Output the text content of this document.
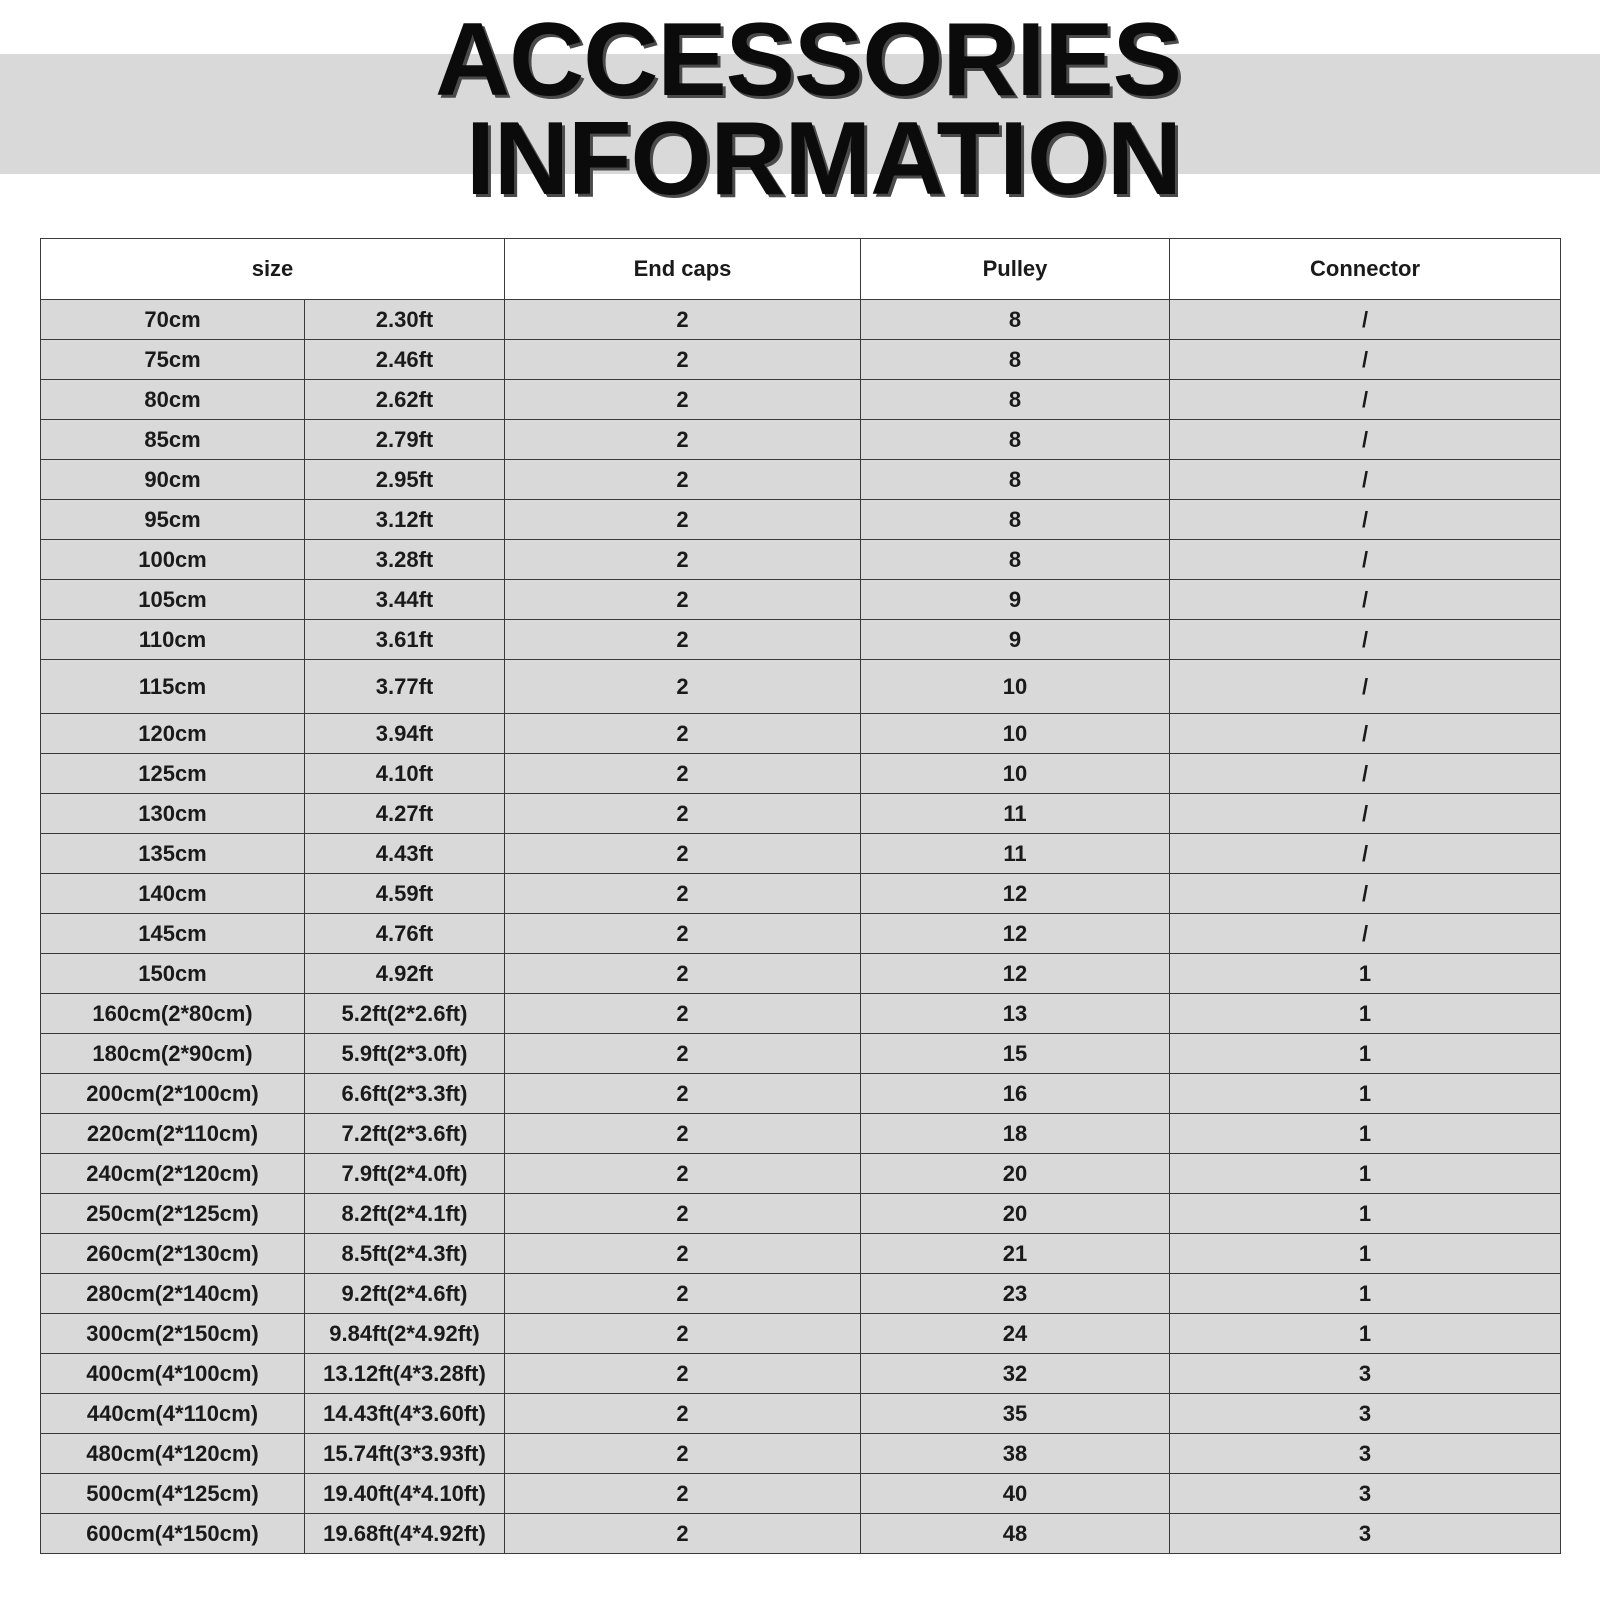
ACCESSORIES
INFORMATION
size		End caps	Pulley	Connector
70cm	2.30ft	2	8	/
75cm	2.46ft	2	8	/
80cm	2.62ft	2	8	/
85cm	2.79ft	2	8	/
90cm	2.95ft	2	8	/
95cm	3.12ft	2	8	/
100cm	3.28ft	2	8	/
105cm	3.44ft	2	9	/
110cm	3.61ft	2	9	/
115cm	3.77ft	2	10	/
120cm	3.94ft	2	10	/
125cm	4.10ft	2	10	/
130cm	4.27ft	2	11	/
135cm	4.43ft	2	11	/
140cm	4.59ft	2	12	/
145cm	4.76ft	2	12	/
150cm	4.92ft	2	12	1
160cm(2*80cm)	5.2ft(2*2.6ft)	2	13	1
180cm(2*90cm)	5.9ft(2*3.0ft)	2	15	1
200cm(2*100cm)	6.6ft(2*3.3ft)	2	16	1
220cm(2*110cm)	7.2ft(2*3.6ft)	2	18	1
240cm(2*120cm)	7.9ft(2*4.0ft)	2	20	1
250cm(2*125cm)	8.2ft(2*4.1ft)	2	20	1
260cm(2*130cm)	8.5ft(2*4.3ft)	2	21	1
280cm(2*140cm)	9.2ft(2*4.6ft)	2	23	1
300cm(2*150cm)	9.84ft(2*4.92ft)	2	24	1
400cm(4*100cm)	13.12ft(4*3.28ft)	2	32	3
440cm(4*110cm)	14.43ft(4*3.60ft)	2	35	3
480cm(4*120cm)	15.74ft(3*3.93ft)	2	38	3
500cm(4*125cm)	19.40ft(4*4.10ft)	2	40	3
600cm(4*150cm)	19.68ft(4*4.92ft)	2	48	3
